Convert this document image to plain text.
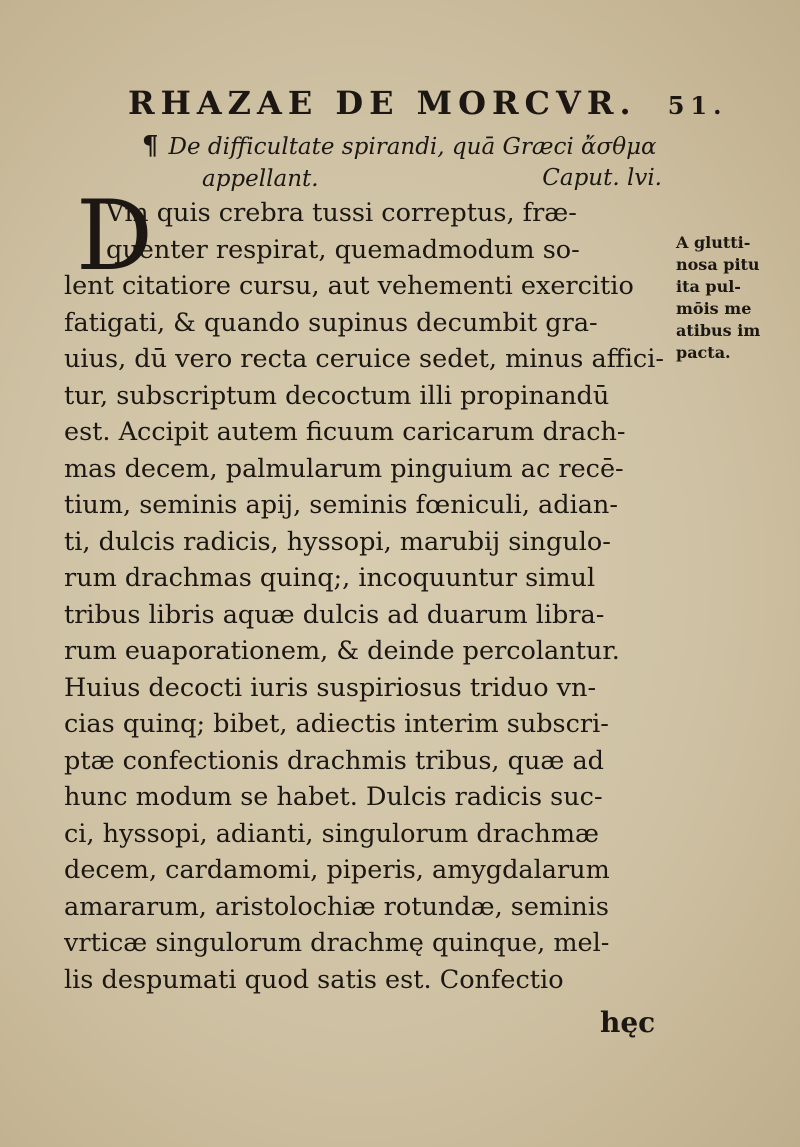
RHAZAE DE MORCVR. 51.
¶ De difficultate spirandi, quā Græci ἄσθμα
appellant.	Caput. lvi.
D
Vm quis crebra tussi correptus, fræ-
quenter respirat, quemadmodum so-
lent citatiore cursu, aut vehementi exercitio
fatigati, & quando supinus decumbit gra-
uius, dū vero recta ceruice sedet, minus affici-
tur, subscriptum decoctum illi propinandū
est. Accipit autem ficuum caricarum drach-
mas decem, palmularum pinguium ac recē-
tium, seminis apij, seminis fœniculi, adian-
ti, dulcis radicis, hyssopi, marubij singulo-
rum drachmas quinq;, incoquuntur simul
tribus libris aquæ dulcis ad duarum libra-
rum euaporationem, & deinde percolantur.
Huius decocti iuris suspiriosus triduo vn-
cias quinq; bibet, adiectis interim subscri-
ptæ confectionis drachmis tribus, quæ ad
hunc modum se habet. Dulcis radicis suc-
ci, hyssopi, adianti, singulorum drachmæ
decem, cardamomi, piperis, amygdalarum
amararum, aristolochiæ rotundæ, seminis
vrticæ singulorum drachmę quinque, mel-
lis despumati quod satis est. Confectio
hęc
A glutti-
nosa pitu
ita pul-
mōis me
atibus im
pacta.
